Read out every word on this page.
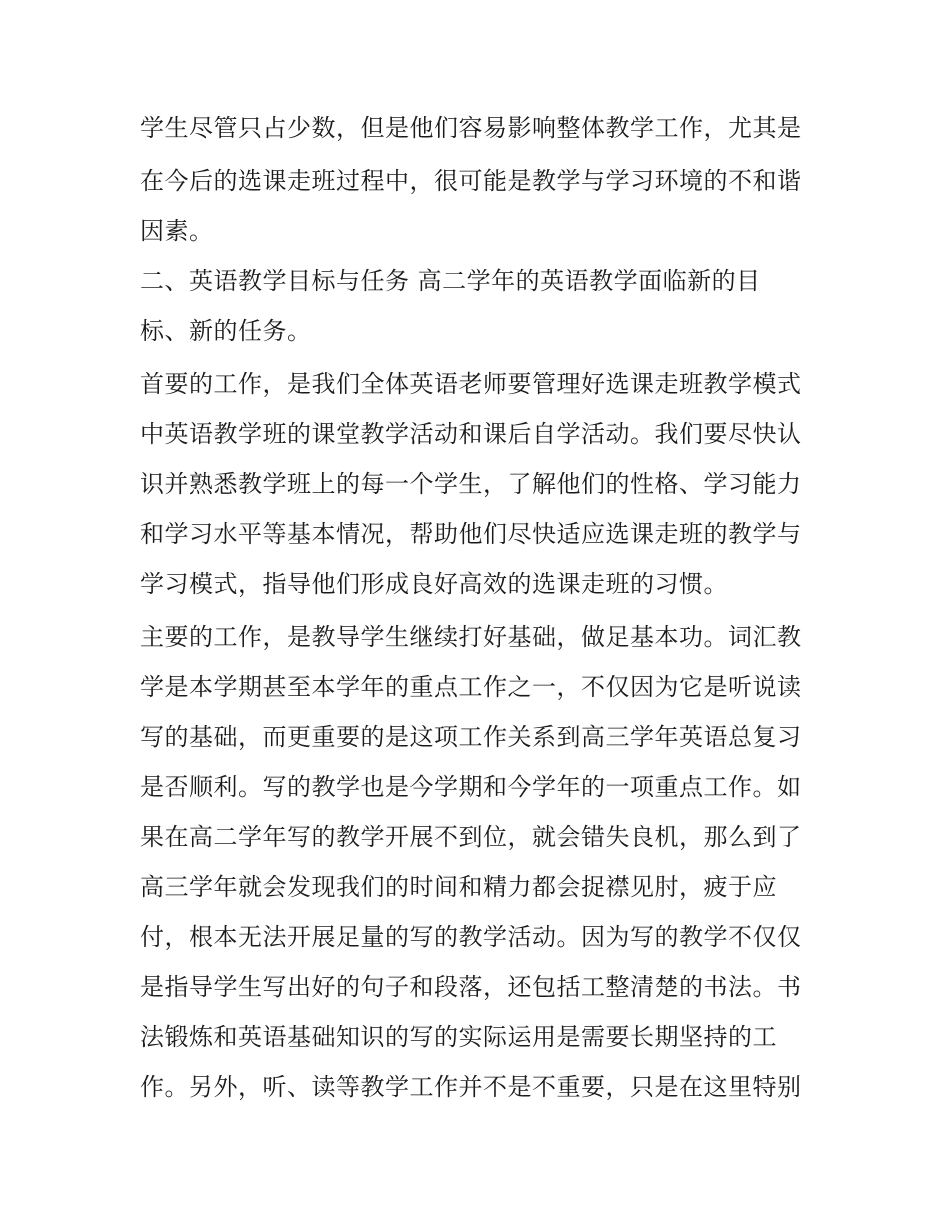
学生尽管只占少数，但是他们容易影响整体教学工作，尤其是
在今后的选课走班过程中，很可能是教学与学习环境的不和谐
因素。
二、英语教学目标与任务 高二学年的英语教学面临新的目
标、新的任务。
首要的工作，是我们全体英语老师要管理好选课走班教学模式
中英语教学班的课堂教学活动和课后自学活动。我们要尽快认
识并熟悉教学班上的每一个学生，了解他们的性格、学习能力
和学习水平等基本情况，帮助他们尽快适应选课走班的教学与
学习模式，指导他们形成良好高效的选课走班的习惯。
主要的工作，是教导学生继续打好基础，做足基本功。词汇教
学是本学期甚至本学年的重点工作之一，不仅因为它是听说读
写的基础，而更重要的是这项工作关系到高三学年英语总复习
是否顺利。写的教学也是今学期和今学年的一项重点工作。如
果在高二学年写的教学开展不到位，就会错失良机，那么到了
高三学年就会发现我们的时间和精力都会捉襟见肘，疲于应
付，根本无法开展足量的写的教学活动。因为写的教学不仅仅
是指导学生写出好的句子和段落，还包括工整清楚的书法。书
法锻炼和英语基础知识的写的实际运用是需要长期坚持的工
作。另外，听、读等教学工作并不是不重要，只是在这里特别
